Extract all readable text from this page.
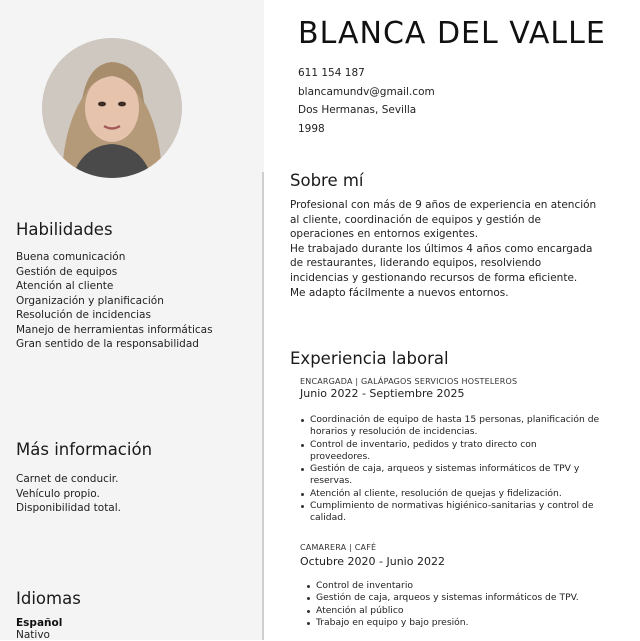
BLANCA DEL VALLE
611 154 187
blancamundv@gmail.com
Dos Hermanas, Sevilla
1998
Habilidades
Buena comunicación
Gestión de equipos
Atención al cliente
Organización y planificación
Resolución de incidencias
Manejo de herramientas informáticas
Gran sentido de la responsabilidad
Más información
Carnet de conducir.
Vehículo propio.
Disponibilidad total.
Idiomas

Español

Nativo

Sobre mí
Profesional con más de 9 años de experiencia en atención
al cliente, coordinación de equipos y gestión de
operaciones en entornos exigentes.
He trabajado durante los últimos 4 años como encargada
de restaurantes, liderando equipos, resolviendo
incidencias y gestionando recursos de forma eficiente.
Me adapto fácilmente a nuevos entornos.
Experiencia laboral

ENCARGADA | GALÁPAGOS SERVICIOS HOSTELEROS

Junio 2022 - Septiembre 2025

Coordinación de equipo de hasta 15 personas, planificación de
horarios y resolución de incidencias.
Control de inventario, pedidos y trato directo con
proveedores.
Gestión de caja, arqueos y sistemas informáticos de TPV y
reservas.
Atención al cliente, resolución de quejas y fidelización.
Cumplimiento de normativas higiénico-sanitarias y control de
calidad.

CAMARERA | CAFÉ

Octubre 2020 - Junio 2022

Control de inventario
Gestión de caja, arqueos y sistemas informáticos de TPV.
Atención al público
Trabajo en equipo y bajo presión.
